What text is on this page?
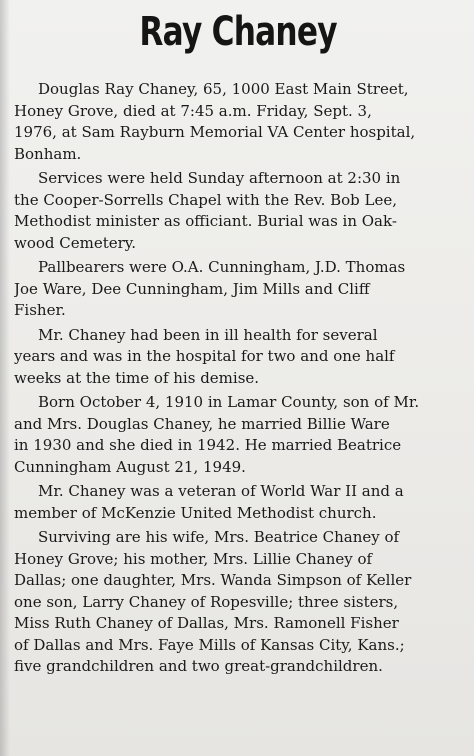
Ray Chaney
Douglas Ray Chaney, 65, 1000 East Main Street,
Honey Grove, died at 7:45 a.m. Friday, Sept. 3,
1976, at Sam Rayburn Memorial VA Center hospital,
Bonham.
Services were held Sunday afternoon at 2:30 in
the Cooper-Sorrells Chapel with the Rev. Bob Lee,
Methodist minister as officiant. Burial was in Oak-
wood Cemetery.
Pallbearers were O.A. Cunningham, J.D. Thomas
Joe Ware, Dee Cunningham, Jim Mills and Cliff
Fisher.
Mr. Chaney had been in ill health for several
years and was in the hospital for two and one half
weeks at the time of his demise.
Born October 4, 1910 in Lamar County, son of Mr.
and Mrs. Douglas Chaney, he married Billie Ware
in 1930 and she died in 1942. He married Beatrice
Cunningham August 21, 1949.
Mr. Chaney was a veteran of World War II and a
member of McKenzie United Methodist church.
Surviving are his wife, Mrs. Beatrice Chaney of
Honey Grove; his mother, Mrs. Lillie Chaney of
Dallas; one daughter, Mrs. Wanda Simpson of Keller
one son, Larry Chaney of Ropesville; three sisters,
Miss Ruth Chaney of Dallas, Mrs. Ramonell Fisher
of Dallas and Mrs. Faye Mills of Kansas City, Kans.;
five grandchildren and two great-grandchildren.
